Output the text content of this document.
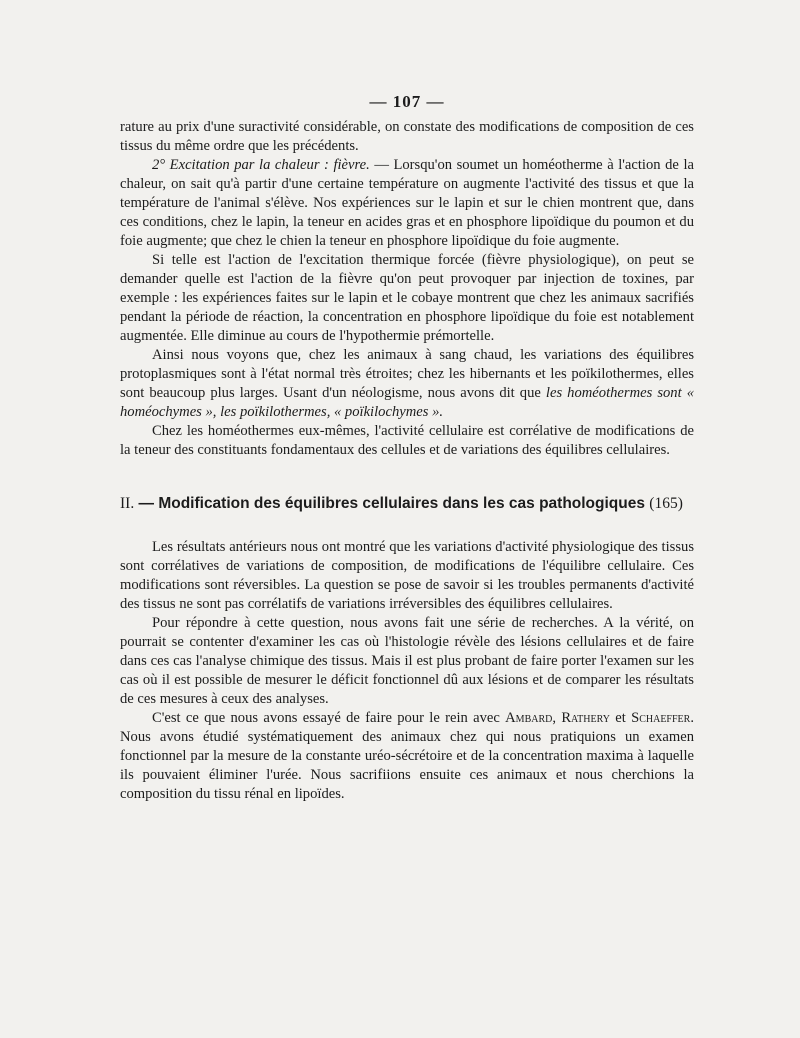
— 107 —

rature au prix d'une suractivité considérable, on constate des modifications de composition de ces tissus du même ordre que les précédents.

2° Excitation par la chaleur : fièvre. — Lorsqu'on soumet un homéotherme à l'action de la chaleur, on sait qu'à partir d'une certaine température on augmente l'activité des tissus et que la température de l'animal s'élève. Nos expériences sur le lapin et sur le chien montrent que, dans ces conditions, chez le lapin, la teneur en acides gras et en phosphore lipoïdique du poumon et du foie augmente; que chez le chien la teneur en phosphore lipoïdique du foie augmente.

Si telle est l'action de l'excitation thermique forcée (fièvre physiologique), on peut se demander quelle est l'action de la fièvre qu'on peut provoquer par injection de toxines, par exemple : les expériences faites sur le lapin et le cobaye montrent que chez les animaux sacrifiés pendant la période de réaction, la concentration en phosphore lipoïdique du foie est notablement augmentée. Elle diminue au cours de l'hypothermie prémortelle.

Ainsi nous voyons que, chez les animaux à sang chaud, les variations des équilibres protoplasmiques sont à l'état normal très étroites; chez les hibernants et les poïkilothermes, elles sont beaucoup plus larges. Usant d'un néologisme, nous avons dit que les homéothermes sont « homéochymes », les poïkilothermes, « poïkilochymes ».

Chez les homéothermes eux-mêmes, l'activité cellulaire est corrélative de modifications de la teneur des constituants fondamentaux des cellules et de variations des équilibres cellulaires.

II. — Modification des équilibres cellulaires dans les cas pathologiques (165)

Les résultats antérieurs nous ont montré que les variations d'activité physiologique des tissus sont corrélatives de variations de composition, de modifications de l'équilibre cellulaire. Ces modifications sont réversibles. La question se pose de savoir si les troubles permanents d'activité des tissus ne sont pas corrélatifs de variations irréversibles des équilibres cellulaires.

Pour répondre à cette question, nous avons fait une série de recherches. A la vérité, on pourrait se contenter d'examiner les cas où l'histologie révèle des lésions cellulaires et de faire dans ces cas l'analyse chimique des tissus. Mais il est plus probant de faire porter l'examen sur les cas où il est possible de mesurer le déficit fonctionnel dû aux lésions et de comparer les résultats de ces mesures à ceux des analyses.

C'est ce que nous avons essayé de faire pour le rein avec Ambard, Rathery et Schaeffer. Nous avons étudié systématiquement des animaux chez qui nous pratiquions un examen fonctionnel par la mesure de la constante uréo-sécrétoire et de la concentration maxima à laquelle ils pouvaient éliminer l'urée. Nous sacrifiions ensuite ces animaux et nous cherchions la composition du tissu rénal en lipoïdes.
